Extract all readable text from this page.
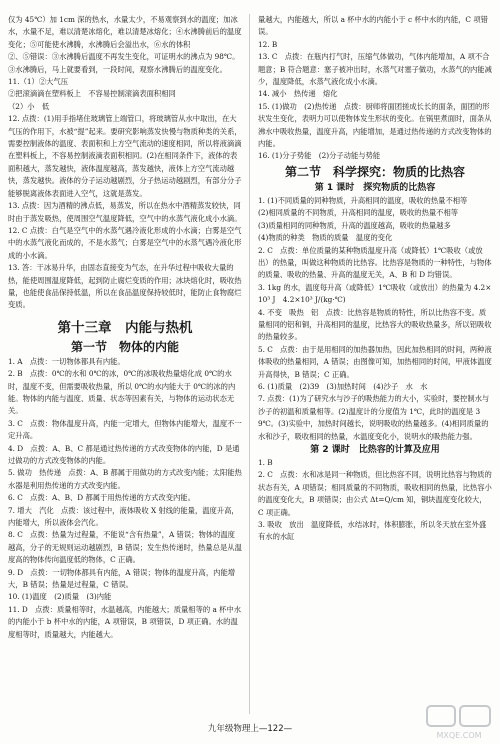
仅为 45℃）加 1cm 深的热水，水量太少，不易观察到水的温度；加冰水，水量不足，难以清楚冰熔化，难以清楚冰熔化；④水沸腾前后的温度变化；⑤可能使水沸腾，水沸腾后会溢出水，⑥水的体积

②、⑤错误：③水沸腾后温度不再发生变化，可证明水的沸点为 98℃。③水沸腾后，马上就要看到，一段时间，观察水沸腾后的温度变化。

11.（1）②大气压

②把滚滴滴在塑料板上　不容易控制滚滴表面积相同

（2）小　低

12. 点拨：(1)用手指堵住玻璃管上端管口，将玻璃管从水中取出，在大气压的作用下，水被“提”起来。要研究影响蒸发快慢与物质种类的关系，需要控制液体的温度、表面积和上方空气流动的速度相同，所以将液滴滴在塑料板上，不容易控制液滴表面积相同。(2)在相同条件下，液体的表面积越大，蒸发越快，液体温度越高，蒸发越快，液体上方空气流动越快，蒸发越快。液体的分子运动越剧烈，分子热运动越剧烈，有部分分子能够脱离液体表面进入空气，这就是蒸发。

13. 点拨：因为酒精的沸点低，易蒸发，所以在热水中酒精蒸发较快，同时由于蒸发吸热，使周围空气温度降低，空气中的水蒸气液化成小水滴。

12. C 点拨：白气是空气中的水蒸气遇冷液化形成的小水滴；白雾是空气中的水蒸气液化而成的，不是水蒸气；白雾是空气中的水蒸气遇冷液化形成的小水滴。

13. 答：干冰易升华，由固态直接变为气态，在升华过程中吸收大量的热，能使周围温度降低，起到防止腐烂变质的作用；冰块熔化时，吸收热量，也能使食品保持低温，所以在食品温度保持较低时，能防止食物腐烂变质。

第十三章　内能与热机
第一节　物体的内能

1. A　点拨：一切物体都具有内能。

2. B　点拨：0℃的水和 0℃的冰，0℃的冰吸收热量熔化成 0℃的水时，温度不变，但需要吸收热量，所以 0℃的水内能大于 0℃的冰的内能。物体的内能与温度、质量、状态等因素有关，与物体的运动状态无关。

3. C　点拨：物体温度升高，内能一定增大，但物体内能增大，温度不一定升高。

4. D　点拨：A、B、C 都是通过热传递的方式改变物体的内能，D 是通过做功的方式改变物体的内能。

5. 做功　热传递　点拨：A、B 都属于用做功的方式改变内能；太阳能热水器是利用热传递的方式改变内能。

6. C　点拨：A、B、D 都属于用热传递的方式改变内能。

7. 增大　汽化　点拨：该过程中，液体吸收 X 射线的能量，温度升高，内能增大，所以液体会汽化。

8. C　点拨：热量为过程量，不能说“含有热量”，A 错误；物体的温度越高，分子的无规则运动越剧烈，B 错误；发生热传递时，热量总是从温度高的物体传向温度低的物体，C 正确。

9. D　点拨：一切物体都具有内能，A 错误；物体的温度升高，内能增大，B 错误；热量是过程量，C 错误。

10. (1)温度　(2)质量　(3)内能

11. D　点拨：质量相等时，水温越高，内能越大；质量相等的 a 杯中水的内能小于 b 杯中水的内能，A 项错误，B 项错误，D 项正确。水的温度相等时，质量越大，内能越大。

量越大，内能越大，所以 a 杯中水的内能小于 c 杯中水的内能，C 项错误。

12. B

13. C　点拨：在瓶内打气时，压缩气体做功，气体内能增加，A 项不合题意；B 符合题意：塞子被冲出时，水蒸气对塞子做功，水蒸气的内能减少，温度降低，水蒸气液化成小水滴。

14. 减小　热传递　熔化

15. (1)做功　(2)热传递　点拨：厨师将面团搓成长长的面条，面团的形状发生变化，表明力可以使物体发生形状的变化。在锅里煮面时，面条从沸水中吸收热量，温度升高，内能增加，是通过热传递的方式改变物体的内能。

16. (1)分子势能　(2)分子动能与势能

第二节　科学探究：物质的比热容
第 1 课时　探究物质的比热容

1. (1)不同质量的同种物质，升高相同的温度，吸收的热量不相等

(2)相同质量的不同物质，升高相同的温度，吸收的热量不相等

(3)质量相同的同种物质，升高的温度越高，吸收的热量越多

(4)物质的种类　物质的质量　温度的变化

2. C　点拨：单位质量的某种物质温度升高（或降低）1℃吸收（或放出）的热量，叫做这种物质的比热容。比热容是物质的一种特性，与物体的质量、吸收的热量、升高的温度无关，A、B 和 D 均错误。

3. 1kg 的水，温度每升高（或降低）1℃吸收（或放出）的热量为 4.2×10³ J　4.2×10³ J/(kg·℃)

4. 不变　吸热　铝　点拨：比热容是物质的特性，所以比热容不变。质量相同的铝和铜，升高相同的温度，比热容大的吸收热量多，所以铝吸收的热量较多。

5. C　点拨：由于是用相同的加热器加热，因此加热相同的时间，两种液体吸收的热量相同，A 错误；由图像可知，加热相同的时间，甲液体温度升高得快，B 错误；C 正确。

6. (1)质量　(2)39　(3)加热时间　(4)沙子　水　水

7. 点拨：(1)为了研究水与沙子的吸热能力的大小，实验时，要控制水与沙子的初温和质量相等。(2)温度计的分度值为 1℃，此时的温度是 39℃。(3)实验中，加热时间越长，说明吸收的热量越多。(4)相同质量的水和沙子，吸收相同的热量，水温度变化小，说明水的吸热能力强。

第 2 课时　比热容的计算及应用

1. B

2. C　点拨：水和冰是同一种物质，但比热容不同，说明比热容与物质的状态有关，A 项错误；相同质量的不同物质，吸收相同的热量，比热容小的温度变化大，B 项错误；由公式 Δt=Q/cm 知，铜块温度变化较大，C 项正确。

3. 吸收　放出　温度降低，水结冰时，体积膨胀，所以冬天放在室外盛有水的水缸

九年级物理上—122—
MXQE.COM
